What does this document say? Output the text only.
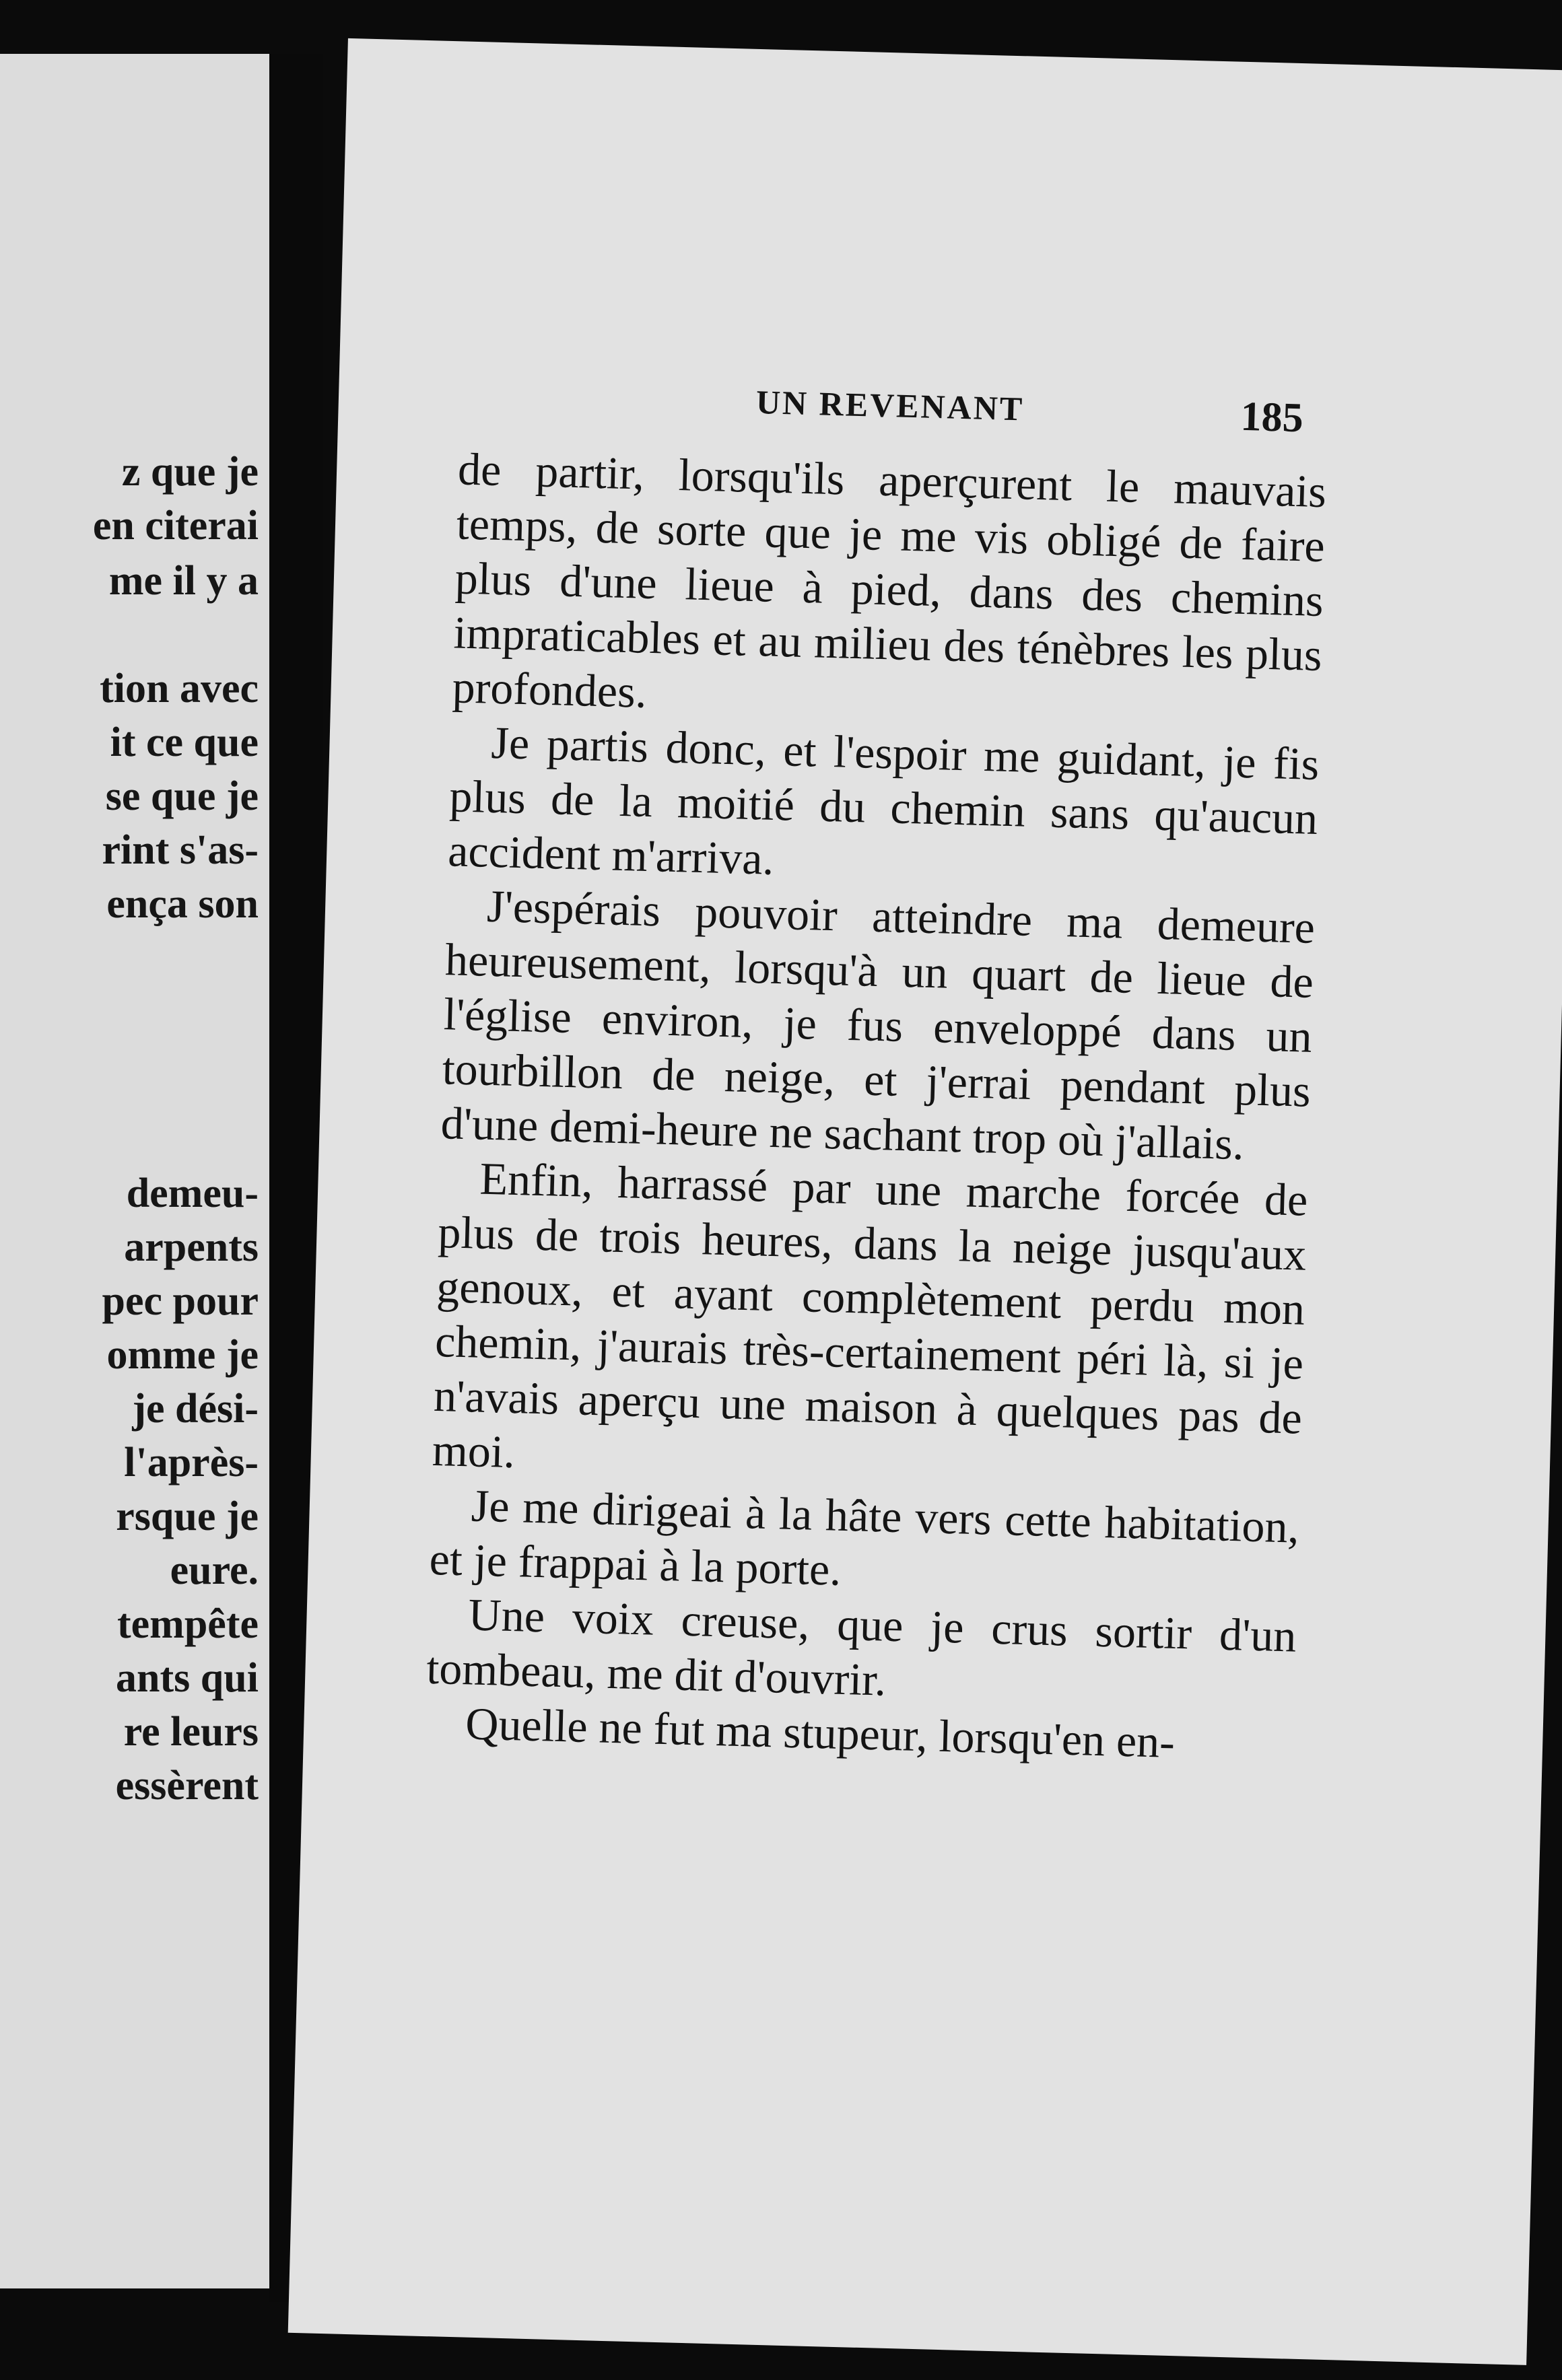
z que je
en citerai
me il y a
tion avec
it ce que
se que je
rint s'as-
ença son
demeu-
arpents
pec pour
omme je
je dési-
l'après-
rsque je
eure.
tempête
ants qui
re leurs
essèrent
UN REVENANT	185

de partir, lorsqu'ils aperçurent le mauvais temps, de sorte que je me vis obligé de faire plus d'une lieue à pied, dans des chemins impraticables et au milieu des ténèbres les plus profondes.

Je partis donc, et l'espoir me guidant, je fis plus de la moitié du chemin sans qu'aucun accident m'arriva.

J'espérais pouvoir atteindre ma demeure heureusement, lorsqu'à un quart de lieue de l'église environ, je fus enveloppé dans un tourbillon de neige, et j'errai pendant plus d'une demi-heure ne sachant trop où j'allais.

Enfin, harrassé par une marche forcée de plus de trois heures, dans la neige jusqu'aux genoux, et ayant complètement perdu mon chemin, j'aurais très-certainement péri là, si je n'avais aperçu une maison à quelques pas de moi.

Je me dirigeai à la hâte vers cette habitation, et je frappai à la porte.

Une voix creuse, que je crus sortir d'un tombeau, me dit d'ouvrir.

Quelle ne fut ma stupeur, lorsqu'en en-
